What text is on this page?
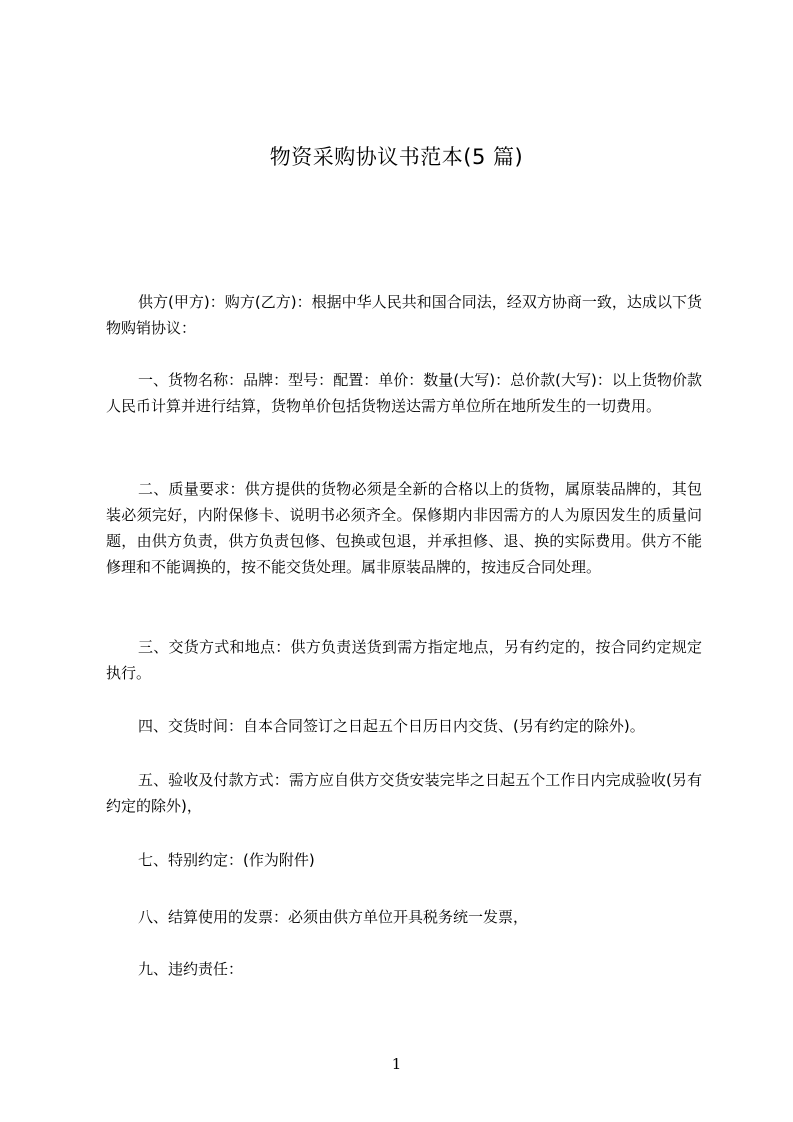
物资采购协议书范本(5 篇)

供方(甲方)：购方(乙方)：根据中华人民共和国合同法，经双方协商一致，达成以下货物购销协议：

一、货物名称：品牌：型号：配置：单价：数量(大写)：总价款(大写)：以上货物价款人民币计算并进行结算，货物单价包括货物送达需方单位所在地所发生的一切费用。

二、质量要求：供方提供的货物必须是全新的合格以上的货物，属原装品牌的，其包装必须完好，内附保修卡、说明书必须齐全。保修期内非因需方的人为原因发生的质量问题，由供方负责，供方负责包修、包换或包退，并承担修、退、换的实际费用。供方不能修理和不能调换的，按不能交货处理。属非原装品牌的，按违反合同处理。

三、交货方式和地点：供方负责送货到需方指定地点，另有约定的，按合同约定规定执行。

四、交货时间：自本合同签订之日起五个日历日内交货、(另有约定的除外)。

五、验收及付款方式：需方应自供方交货安装完毕之日起五个工作日内完成验收(另有约定的除外)，

七、特别约定：(作为附件)

八、结算使用的发票：必须由供方单位开具税务统一发票，

九、违约责任：

1
